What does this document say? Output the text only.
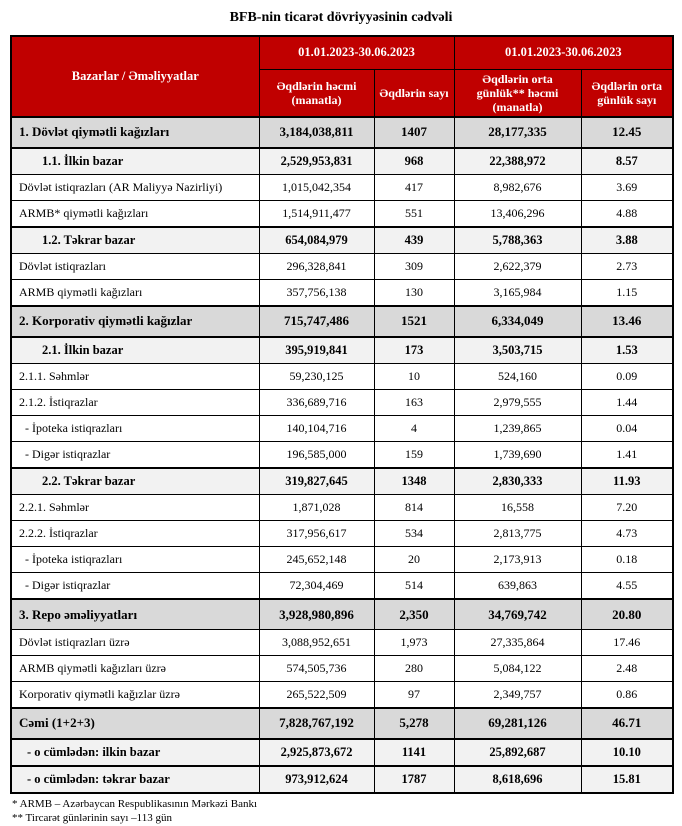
BFB-nin ticarət dövriyyəsinin cədvəli
Bazarlar / Əməliyyatlar	01.01.2023-30.06.2023		01.01.2023-30.06.2023	
	Əqdlərin həcmi (manatla)	Əqdlərin sayı	Əqdlərin orta günlük** həcmi (manatla)	Əqdlərin orta günlük sayı
1. Dövlət qiymətli kağızları	3,184,038,811	1407	28,177,335	12.45
1.1. İlkin bazar	2,529,953,831	968	22,388,972	8.57
Dövlət istiqrazları (AR Maliyyə Nazirliyi)	1,015,042,354	417	8,982,676	3.69
ARMB* qiymətli kağızları	1,514,911,477	551	13,406,296	4.88
1.2. Təkrar bazar	654,084,979	439	5,788,363	3.88
Dövlət istiqrazları	296,328,841	309	2,622,379	2.73
ARMB qiymətli kağızları	357,756,138	130	3,165,984	1.15
2. Korporativ qiymətli kağızlar	715,747,486	1521	6,334,049	13.46
2.1. İlkin bazar	395,919,841	173	3,503,715	1.53
2.1.1. Səhmlər	59,230,125	10	524,160	0.09
2.1.2. İstiqrazlar	336,689,716	163	2,979,555	1.44
- İpoteka istiqrazları	140,104,716	4	1,239,865	0.04
- Digər istiqrazlar	196,585,000	159	1,739,690	1.41
2.2. Təkrar bazar	319,827,645	1348	2,830,333	11.93
2.2.1. Səhmlər	1,871,028	814	16,558	7.20
2.2.2. İstiqrazlar	317,956,617	534	2,813,775	4.73
- İpoteka istiqrazları	245,652,148	20	2,173,913	0.18
- Digər istiqrazlar	72,304,469	514	639,863	4.55
3. Repo əməliyyatları	3,928,980,896	2,350	34,769,742	20.80
Dövlət istiqrazları üzrə	3,088,952,651	1,973	27,335,864	17.46
ARMB qiymətli kağızları üzrə	574,505,736	280	5,084,122	2.48
Korporativ qiymətli kağızlar üzrə	265,522,509	97	2,349,757	0.86
Cəmi (1+2+3)	7,828,767,192	5,278	69,281,126	46.71
- o cümlədən: ilkin bazar	2,925,873,672	1141	25,892,687	10.10
- o cümlədən: təkrar bazar	973,912,624	1787	8,618,696	15.81
* ARMB – Azərbaycan Respublikasının Mərkəzi Bankı
** Tircarət günlərinin sayı –113 gün
